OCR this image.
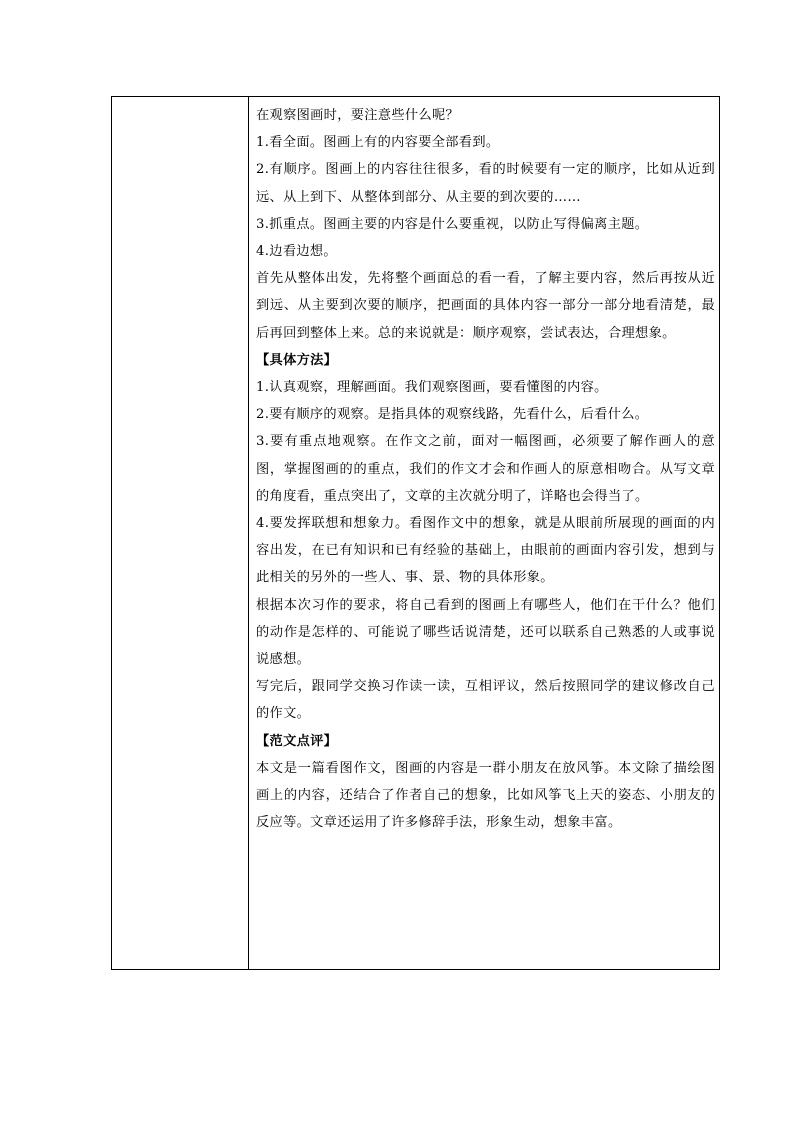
在观察图画时，要注意些什么呢？

1.看全面。图画上有的内容要全部看到。

2.有顺序。图画上的内容往往很多，看的时候要有一定的顺序，比如从近到远、从上到下、从整体到部分、从主要的到次要的……

3.抓重点。图画主要的内容是什么要重视，以防止写得偏离主题。

4.边看边想。

首先从整体出发，先将整个画面总的看一看，了解主要内容，然后再按从近到远、从主要到次要的顺序，把画面的具体内容一部分一部分地看清楚，最后再回到整体上来。总的来说就是：顺序观察，尝试表达，合理想象。

【具体方法】

1.认真观察，理解画面。我们观察图画，要看懂图的内容。

2.要有顺序的观察。是指具体的观察线路，先看什么，后看什么。

3.要有重点地观察。在作文之前，面对一幅图画，必须要了解作画人的意图，掌握图画的的重点，我们的作文才会和作画人的原意相吻合。从写文章的角度看，重点突出了，文章的主次就分明了，详略也会得当了。

4.要发挥联想和想象力。看图作文中的想象，就是从眼前所展现的画面的内容出发，在已有知识和已有经验的基础上，由眼前的画面内容引发，想到与此相关的另外的一些人、事、景、物的具体形象。

根据本次习作的要求，将自己看到的图画上有哪些人，他们在干什么？他们的动作是怎样的、可能说了哪些话说清楚，还可以联系自己熟悉的人或事说说感想。

写完后，跟同学交换习作读一读，互相评议，然后按照同学的建议修改自己的作文。

【范文点评】

本文是一篇看图作文，图画的内容是一群小朋友在放风筝。本文除了描绘图画上的内容，还结合了作者自己的想象，比如风筝飞上天的姿态、小朋友的反应等。文章还运用了许多修辞手法，形象生动，想象丰富。
